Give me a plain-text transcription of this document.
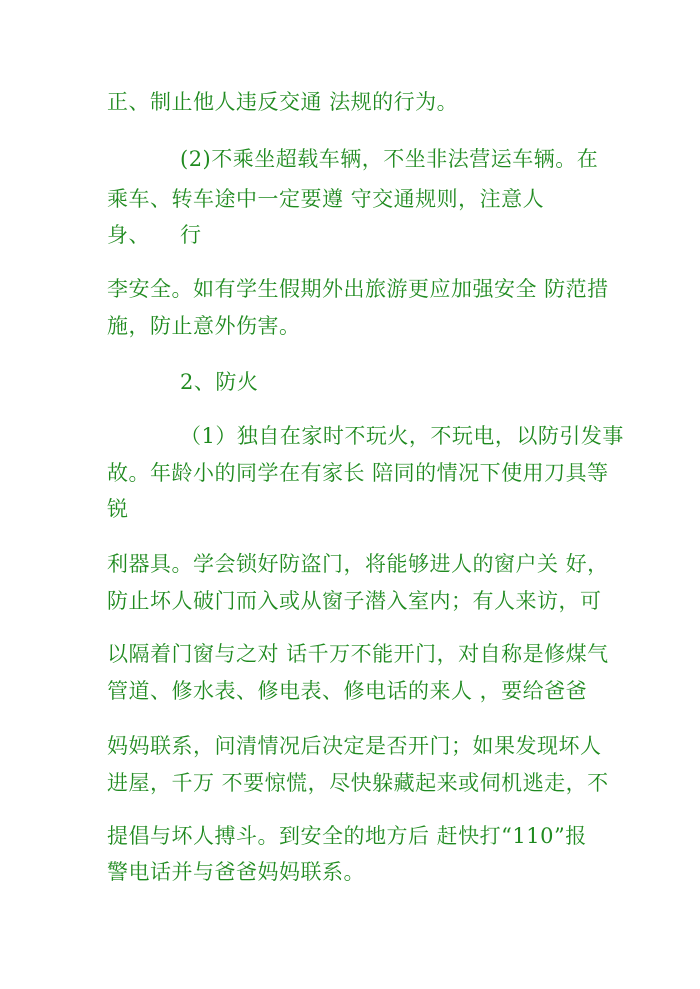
正、制止他人违反交通 法规的行为。
(2)不乘坐超载车辆，不坐非法营运车辆。在
乘车、转车途中一定要遵 守交通规则，注意人
身、 行
李安全。如有学生假期外出旅游更应加强安全 防范措
施，防止意外伤害。
2、防火
（1）独自在家时不玩火，不玩电，以防引发事
故。年龄小的同学在有家长 陪同的情况下使用刀具等
锐
利器具。学会锁好防盗门，将能够进人的窗户关 好，
防止坏人破门而入或从窗子潜入室内；有人来访，可
以隔着门窗与之对 话千万不能开门，对自称是修煤气
管道、修水表、修电表、修电话的来人 ，要给爸爸
妈妈联系，问清情况后决定是否开门；如果发现坏人
进屋，千万 不要惊慌，尽快躲藏起来或伺机逃走，不
提倡与坏人搏斗。到安全的地方后 赶快打“110”报
警电话并与爸爸妈妈联系。
